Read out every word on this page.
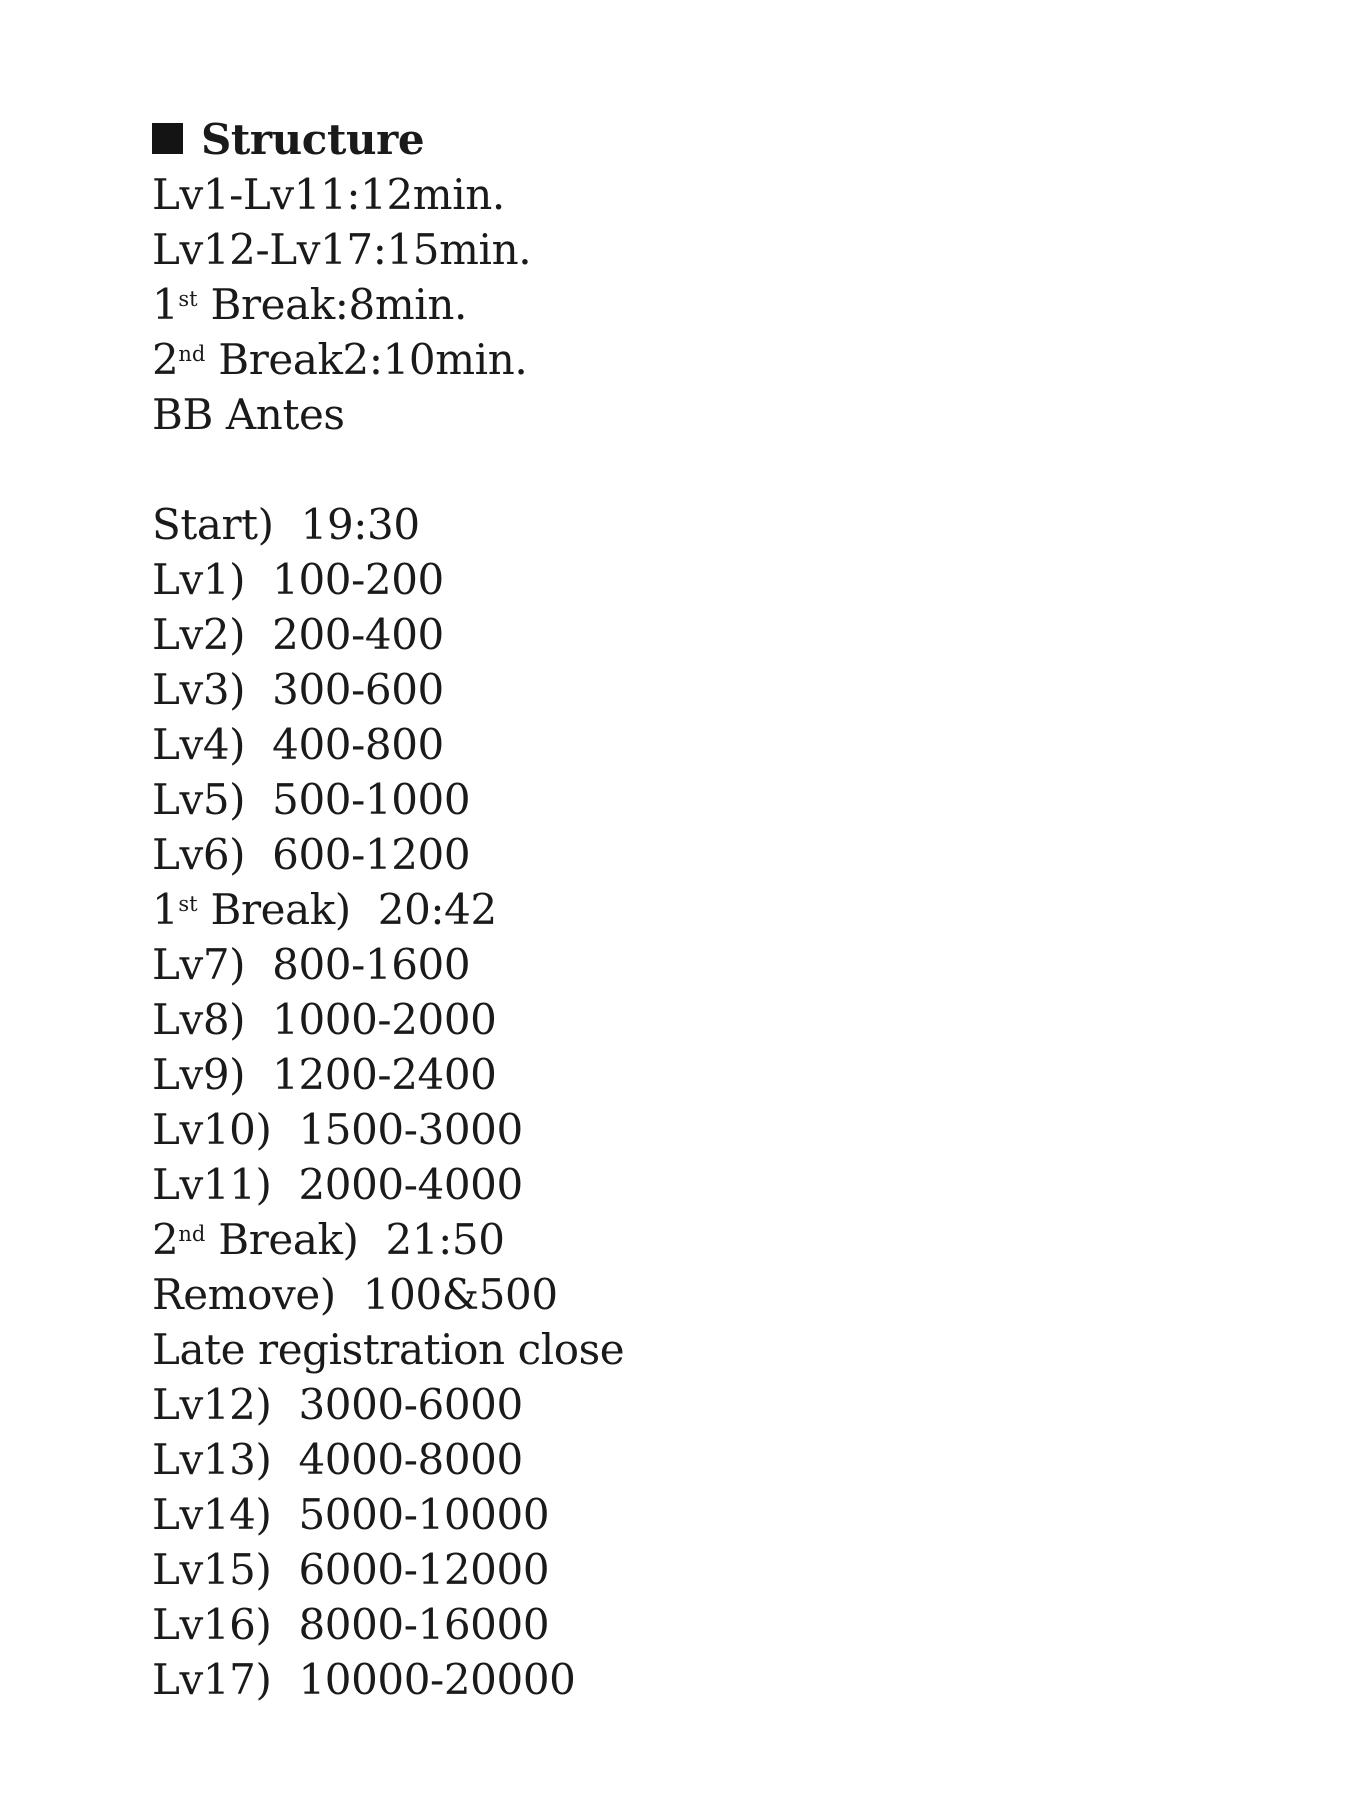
Structure
Lv1-Lv11:12min.
Lv12-Lv17:15min.
1st Break:8min.
2nd Break2:10min.
BB Antes
Start) 19:30
Lv1) 100-200
Lv2) 200-400
Lv3) 300-600
Lv4) 400-800
Lv5) 500-1000
Lv6) 600-1200
1st Break) 20:42
Lv7) 800-1600
Lv8) 1000-2000
Lv9) 1200-2400
Lv10) 1500-3000
Lv11) 2000-4000
2nd Break) 21:50
Remove) 100&500
Late registration close
Lv12) 3000-6000
Lv13) 4000-8000
Lv14) 5000-10000
Lv15) 6000-12000
Lv16) 8000-16000
Lv17) 10000-20000
